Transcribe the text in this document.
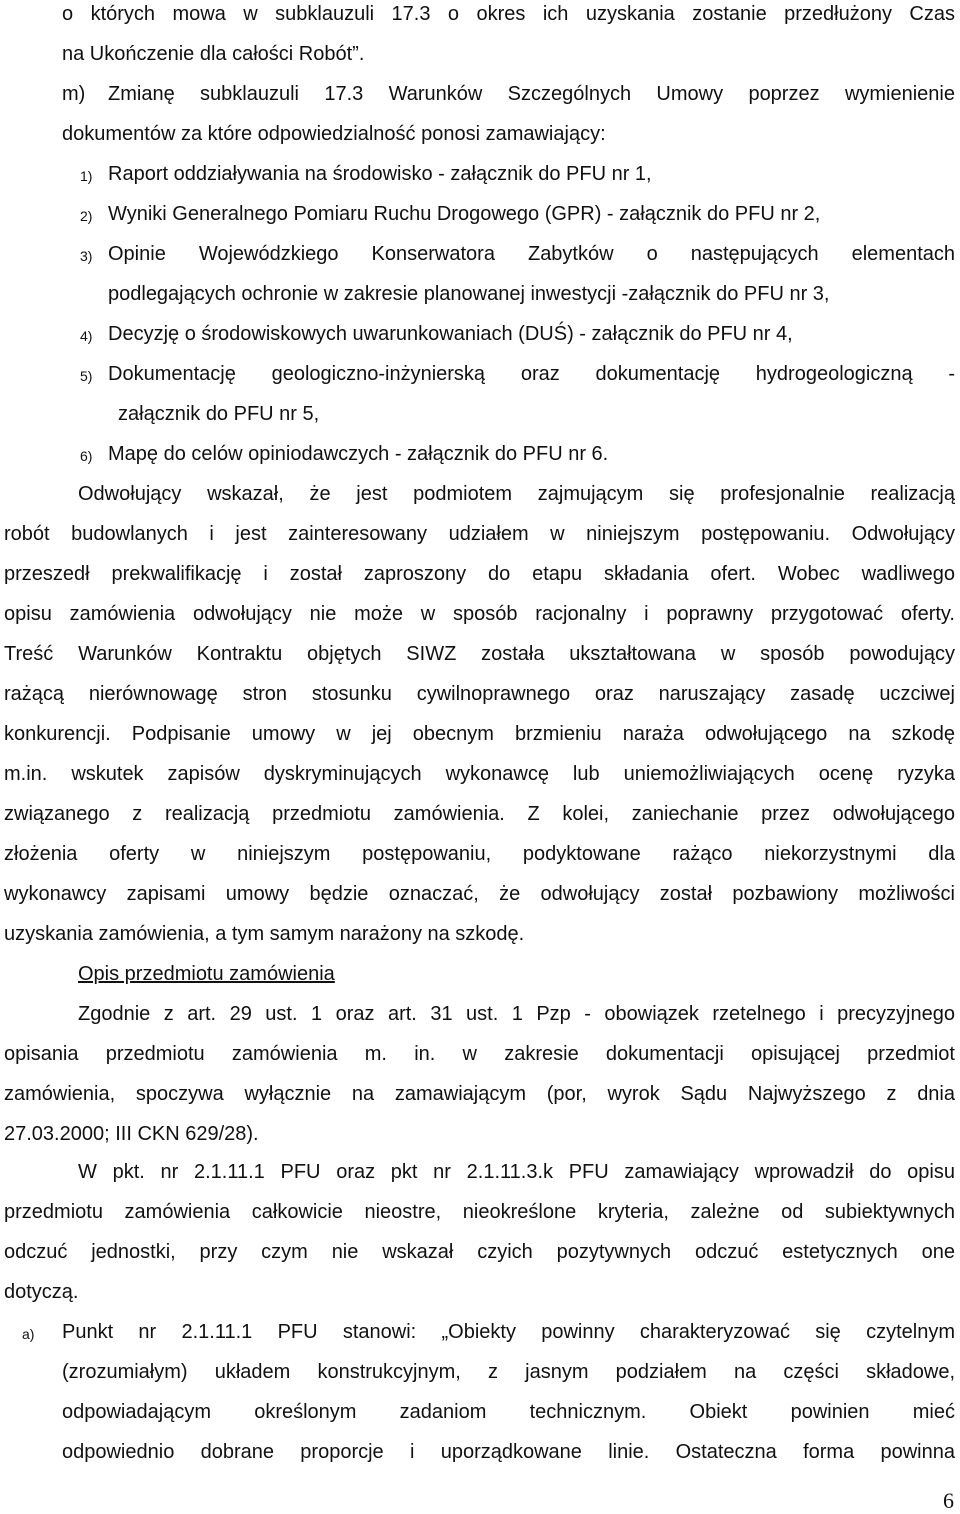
o których mowa w subklauzuli 17.3 o okres ich uzyskania zostanie przedłużony Czas
na Ukończenie dla całości Robót”.
m) Zmianę subklauzuli 17.3 Warunków Szczególnych Umowy poprzez wymienienie
dokumentów za które odpowiedzialność ponosi zamawiający:
1) Raport oddziaływania na środowisko - załącznik do PFU nr 1,
2) Wyniki Generalnego Pomiaru Ruchu Drogowego (GPR) - załącznik do PFU nr 2,
3) Opinie Wojewódzkiego Konserwatora Zabytków o następujących elementach
podlegających ochronie w zakresie planowanej inwestycji -załącznik do PFU nr 3,
4) Decyzję o środowiskowych uwarunkowaniach (DUŚ) - załącznik do PFU nr 4,
5) Dokumentację geologiczno-inżynierską oraz dokumentację hydrogeologiczną -
załącznik do PFU nr 5,
6) Mapę do celów opiniodawczych - załącznik do PFU nr 6.
Odwołujący wskazał, że jest podmiotem zajmującym się profesjonalnie realizacją
robót budowlanych i jest zainteresowany udziałem w niniejszym postępowaniu. Odwołujący
przeszedł prekwalifikację i został zaproszony do etapu składania ofert. Wobec wadliwego
opisu zamówienia odwołujący nie może w sposób racjonalny i poprawny przygotować oferty.
Treść Warunków Kontraktu objętych SIWZ została ukształtowana w sposób powodujący
rażącą nierównowagę stron stosunku cywilnoprawnego oraz naruszający zasadę uczciwej
konkurencji. Podpisanie umowy w jej obecnym brzmieniu naraża odwołującego na szkodę
m.in. wskutek zapisów dyskryminujących wykonawcę lub uniemożliwiających ocenę ryzyka
związanego z realizacją przedmiotu zamówienia. Z kolei, zaniechanie przez odwołującego
złożenia oferty w niniejszym postępowaniu, podyktowane rażąco niekorzystnymi dla
wykonawcy zapisami umowy będzie oznaczać, że odwołujący został pozbawiony możliwości
uzyskania zamówienia, a tym samym narażony na szkodę.
Opis przedmiotu zamówienia
Zgodnie z art. 29 ust. 1 oraz art. 31 ust. 1 Pzp - obowiązek rzetelnego i precyzyjnego
opisania przedmiotu zamówienia m. in. w zakresie dokumentacji opisującej przedmiot
zamówienia, spoczywa wyłącznie na zamawiającym (por, wyrok Sądu Najwyższego z dnia
27.03.2000; III CKN 629/28).
W pkt. nr 2.1.11.1 PFU oraz pkt nr 2.1.11.3.k PFU zamawiający wprowadził do opisu
przedmiotu zamówienia całkowicie nieostre, nieokreślone kryteria, zależne od subiektywnych
odczuć jednostki, przy czym nie wskazał czyich pozytywnych odczuć estetycznych one
dotyczą.
a) Punkt nr 2.1.11.1 PFU stanowi: „Obiekty powinny charakteryzować się czytelnym
(zrozumiałym) układem konstrukcyjnym, z jasnym podziałem na części składowe,
odpowiadającym określonym zadaniom technicznym. Obiekt powinien mieć
odpowiednio dobrane proporcje i uporządkowane linie. Ostateczna forma powinna
6
